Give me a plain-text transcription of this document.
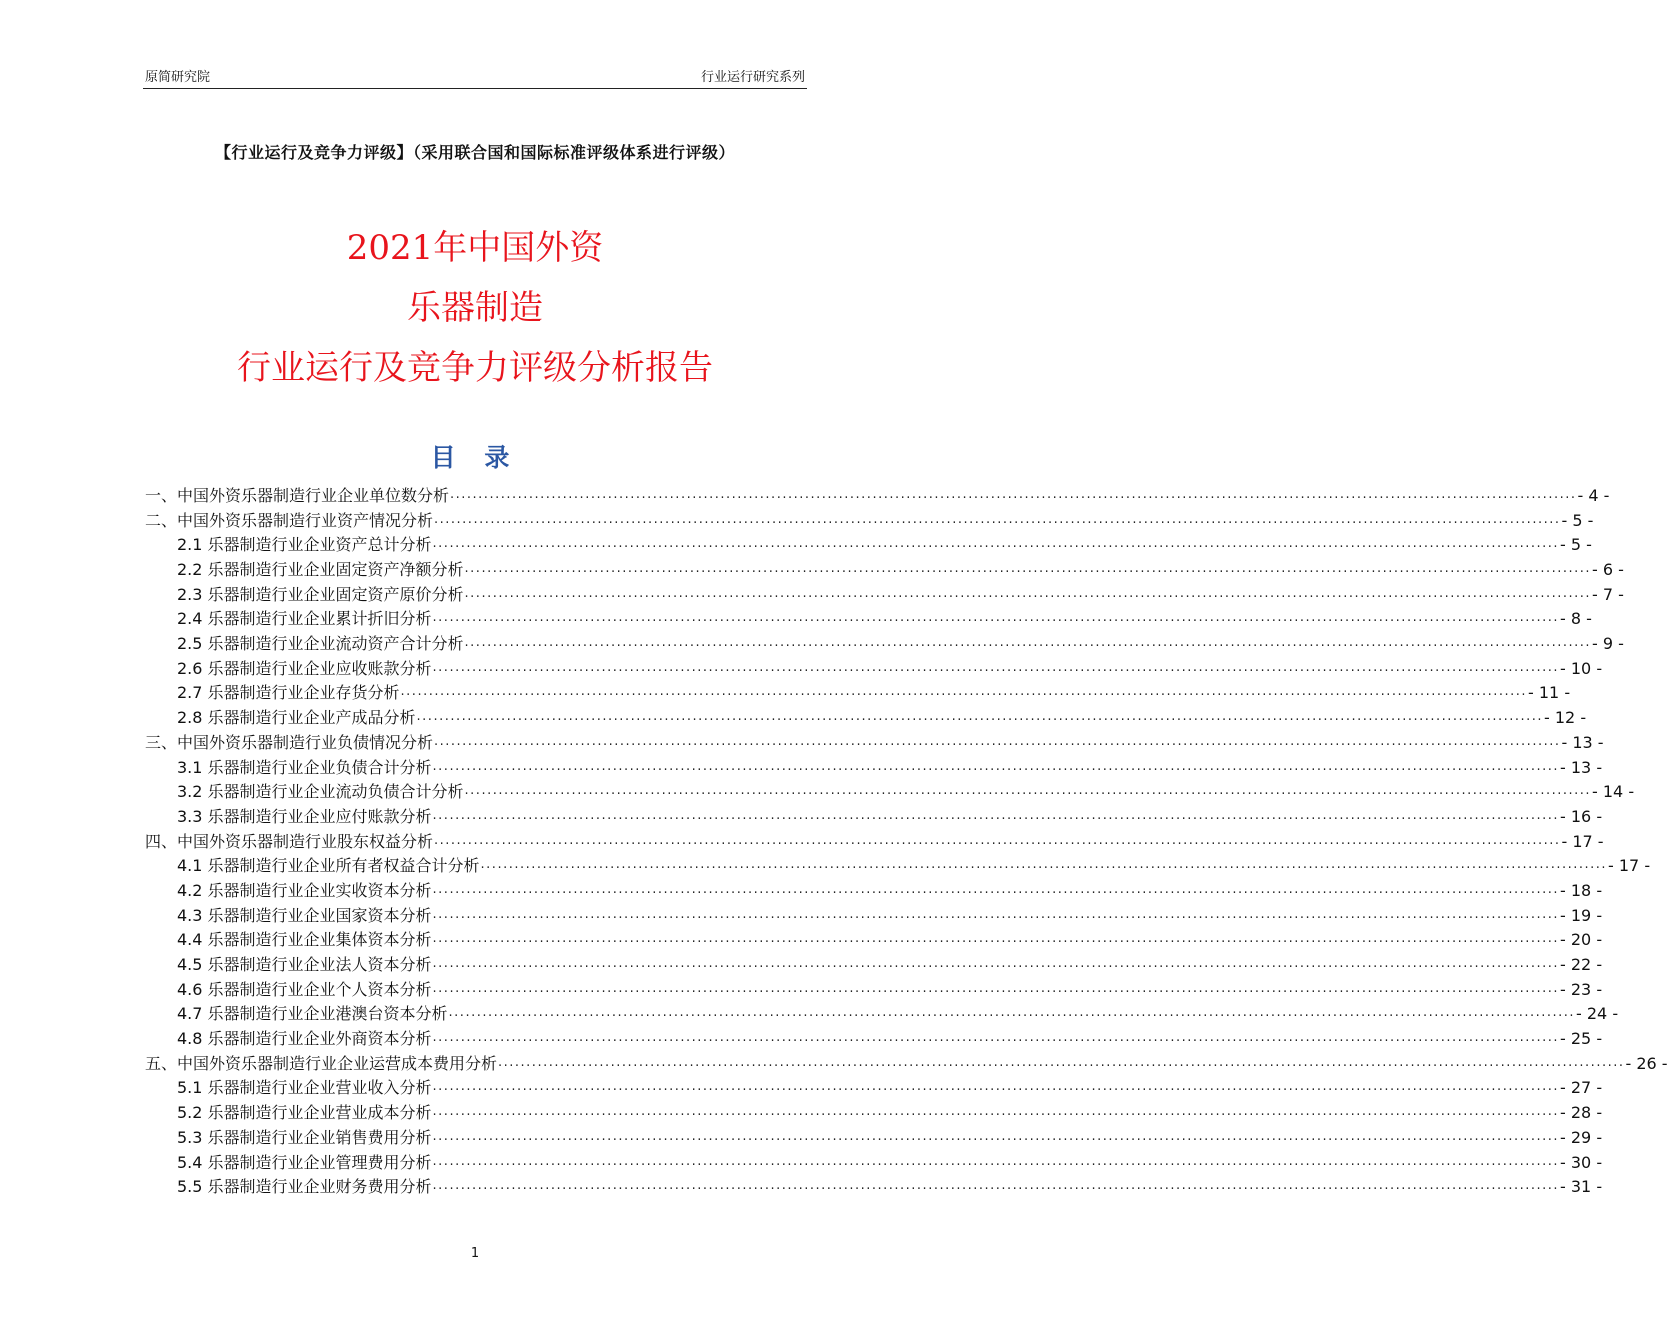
原简研究院	行业运行研究系列
【行业运行及竞争力评级】（采用联合国和国际标准评级体系进行评级）
2021年中国外资
乐器制造
行业运行及竞争力评级分析报告
目 录
一、中国外资乐器制造行业企业单位数分析 ........................................................................................................................................................................................................ - 4 -
二、中国外资乐器制造行业资产情况分析 ........................................................................................................................................................................................................ - 5 -
2.1 乐器制造行业企业资产总计分析 ........................................................................................................................................................................................................ - 5 -
2.2 乐器制造行业企业固定资产净额分析 ........................................................................................................................................................................................................ - 6 -
2.3 乐器制造行业企业固定资产原价分析 ........................................................................................................................................................................................................ - 7 -
2.4 乐器制造行业企业累计折旧分析 ........................................................................................................................................................................................................ - 8 -
2.5 乐器制造行业企业流动资产合计分析 ........................................................................................................................................................................................................ - 9 -
2.6 乐器制造行业企业应收账款分析 ........................................................................................................................................................................................................ - 10 -
2.7 乐器制造行业企业存货分析 ........................................................................................................................................................................................................ - 11 -
2.8 乐器制造行业企业产成品分析 ........................................................................................................................................................................................................ - 12 -
三、中国外资乐器制造行业负债情况分析 ........................................................................................................................................................................................................ - 13 -
3.1 乐器制造行业企业负债合计分析 ........................................................................................................................................................................................................ - 13 -
3.2 乐器制造行业企业流动负债合计分析 ........................................................................................................................................................................................................ - 14 -
3.3 乐器制造行业企业应付账款分析 ........................................................................................................................................................................................................ - 16 -
四、中国外资乐器制造行业股东权益分析 ........................................................................................................................................................................................................ - 17 -
4.1 乐器制造行业企业所有者权益合计分析 ........................................................................................................................................................................................................ - 17 -
4.2 乐器制造行业企业实收资本分析 ........................................................................................................................................................................................................ - 18 -
4.3 乐器制造行业企业国家资本分析 ........................................................................................................................................................................................................ - 19 -
4.4 乐器制造行业企业集体资本分析 ........................................................................................................................................................................................................ - 20 -
4.5 乐器制造行业企业法人资本分析 ........................................................................................................................................................................................................ - 22 -
4.6 乐器制造行业企业个人资本分析 ........................................................................................................................................................................................................ - 23 -
4.7 乐器制造行业企业港澳台资本分析 ........................................................................................................................................................................................................ - 24 -
4.8 乐器制造行业企业外商资本分析 ........................................................................................................................................................................................................ - 25 -
五、中国外资乐器制造行业企业运营成本费用分析 ........................................................................................................................................................................................................ - 26 -
5.1 乐器制造行业企业营业收入分析 ........................................................................................................................................................................................................ - 27 -
5.2 乐器制造行业企业营业成本分析 ........................................................................................................................................................................................................ - 28 -
5.3 乐器制造行业企业销售费用分析 ........................................................................................................................................................................................................ - 29 -
5.4 乐器制造行业企业管理费用分析 ........................................................................................................................................................................................................ - 30 -
5.5 乐器制造行业企业财务费用分析 ........................................................................................................................................................................................................ - 31 -
1
